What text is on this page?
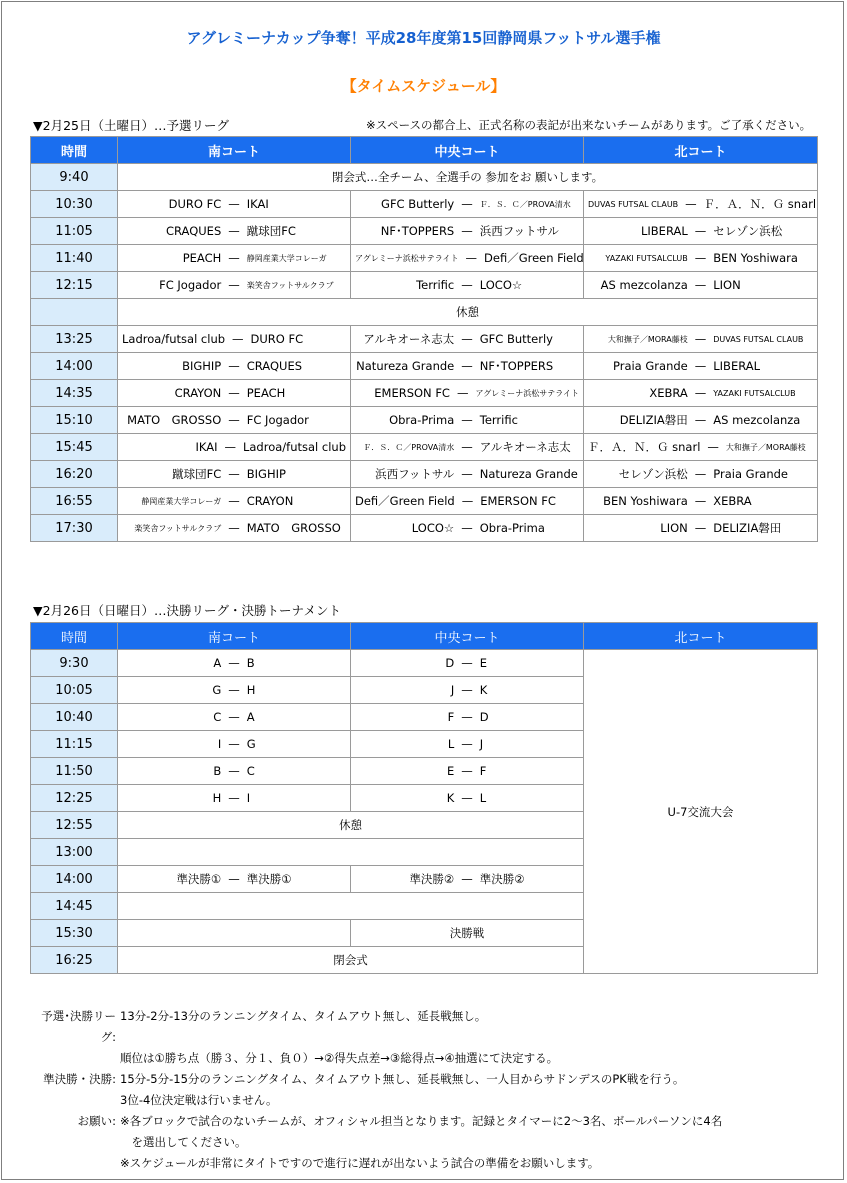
アグレミーナカップ争奪！平成28年度第15回静岡県フットサル選手権
【タイムスケジュール】
▼2月25日（土曜日）…予選リーグ	※スペースの都合上、正式名称の表記が出来ないチームがあります。ご了承ください。
時間	南コート	中央コート	北コート
9:40	閉会式…全チーム、全選手の 参加をお 願いします。		
10:30	DURO FC — IKAI	GFC Butterly — Ｆ．Ｓ．Ｃ／PROVA清水	DUVAS FUTSAL CLAUB — Ｆ．Ａ．Ｎ．Ｇ snarl

11:05	CRAQUES — 蹴球団FC	NF･TOPPERS — 浜西フットサル	LIBERAL — セレゾン浜松

11:40	PEACH — 静岡産業大学コレーガ	アグレミーナ浜松サテライト — Defi／Green Field	YAZAKI FUTSALCLUB — BEN Yoshiwara

12:15	FC Jogador — 楽笑舎フットサルクラブ	Terrific — LOCO☆	AS mezcolanza — LION

	休憩		
13:25	Ladroa/futsal club — DURO FC	アルキオーネ志太 — GFC Butterly	大和撫子／MORA藤枝 — DUVAS FUTSAL CLAUB

14:00	BIGHIP — CRAQUES	Natureza Grande — NF･TOPPERS	Praia Grande — LIBERAL

14:35	CRAYON — PEACH	EMERSON FC — アグレミーナ浜松サテライト	XEBRA — YAZAKI FUTSALCLUB

15:10	MATO　GROSSO — FC Jogador	Obra-Prima — Terrific	DELIZIA磐田 — AS mezcolanza

15:45	IKAI — Ladroa/futsal club	Ｆ．Ｓ．Ｃ／PROVA清水 — アルキオーネ志太	Ｆ．Ａ．Ｎ．Ｇ snarl — 大和撫子／MORA藤枝

16:20	蹴球団FC — BIGHIP	浜西フットサル — Natureza Grande	セレゾン浜松 — Praia Grande

16:55	静岡産業大学コレーガ — CRAYON	Defi／Green Field — EMERSON FC	BEN Yoshiwara — XEBRA

17:30	楽笑舎フットサルクラブ — MATO　GROSSO	LOCO☆ — Obra-Prima	LION — DELIZIA磐田
▼2月26日（日曜日）…決勝リーグ・決勝トーナメント
時間	南コート	中央コート	北コート
9:30	A — B	D — E	U-7交流大会
10:05	G — H	J — K	

10:40	C — A	F — D	

11:15	I — G	L — J	

11:50	B — C	E — F	

12:25	H — I	K — L	

12:55	休憩		
13:00			
14:00	準決勝① — 準決勝①	準決勝② — 準決勝②	

14:45			
15:30		決勝戦	
16:25	閉会式		
予選･決勝リーグ:
13分-2分-13分のランニングタイム、タイムアウト無し、延長戦無し。
順位は①勝ち点（勝３、分１、負０）→②得失点差→③総得点→④抽選にて決定する。
準決勝・決勝: 15分-5分-15分のランニングタイム、タイムアウト無し、延長戦無し、一人目からサドンデスのPK戦を行う。
3位-4位決定戦は行いません。
お願い: ※各ブロックで試合のないチームが、オフィシャル担当となります。記録とタイマーに2～3名、ボールパーソンに4名
　を選出してください。
※スケジュールが非常にタイトですので進行に遅れが出ないよう試合の準備をお願いします。
